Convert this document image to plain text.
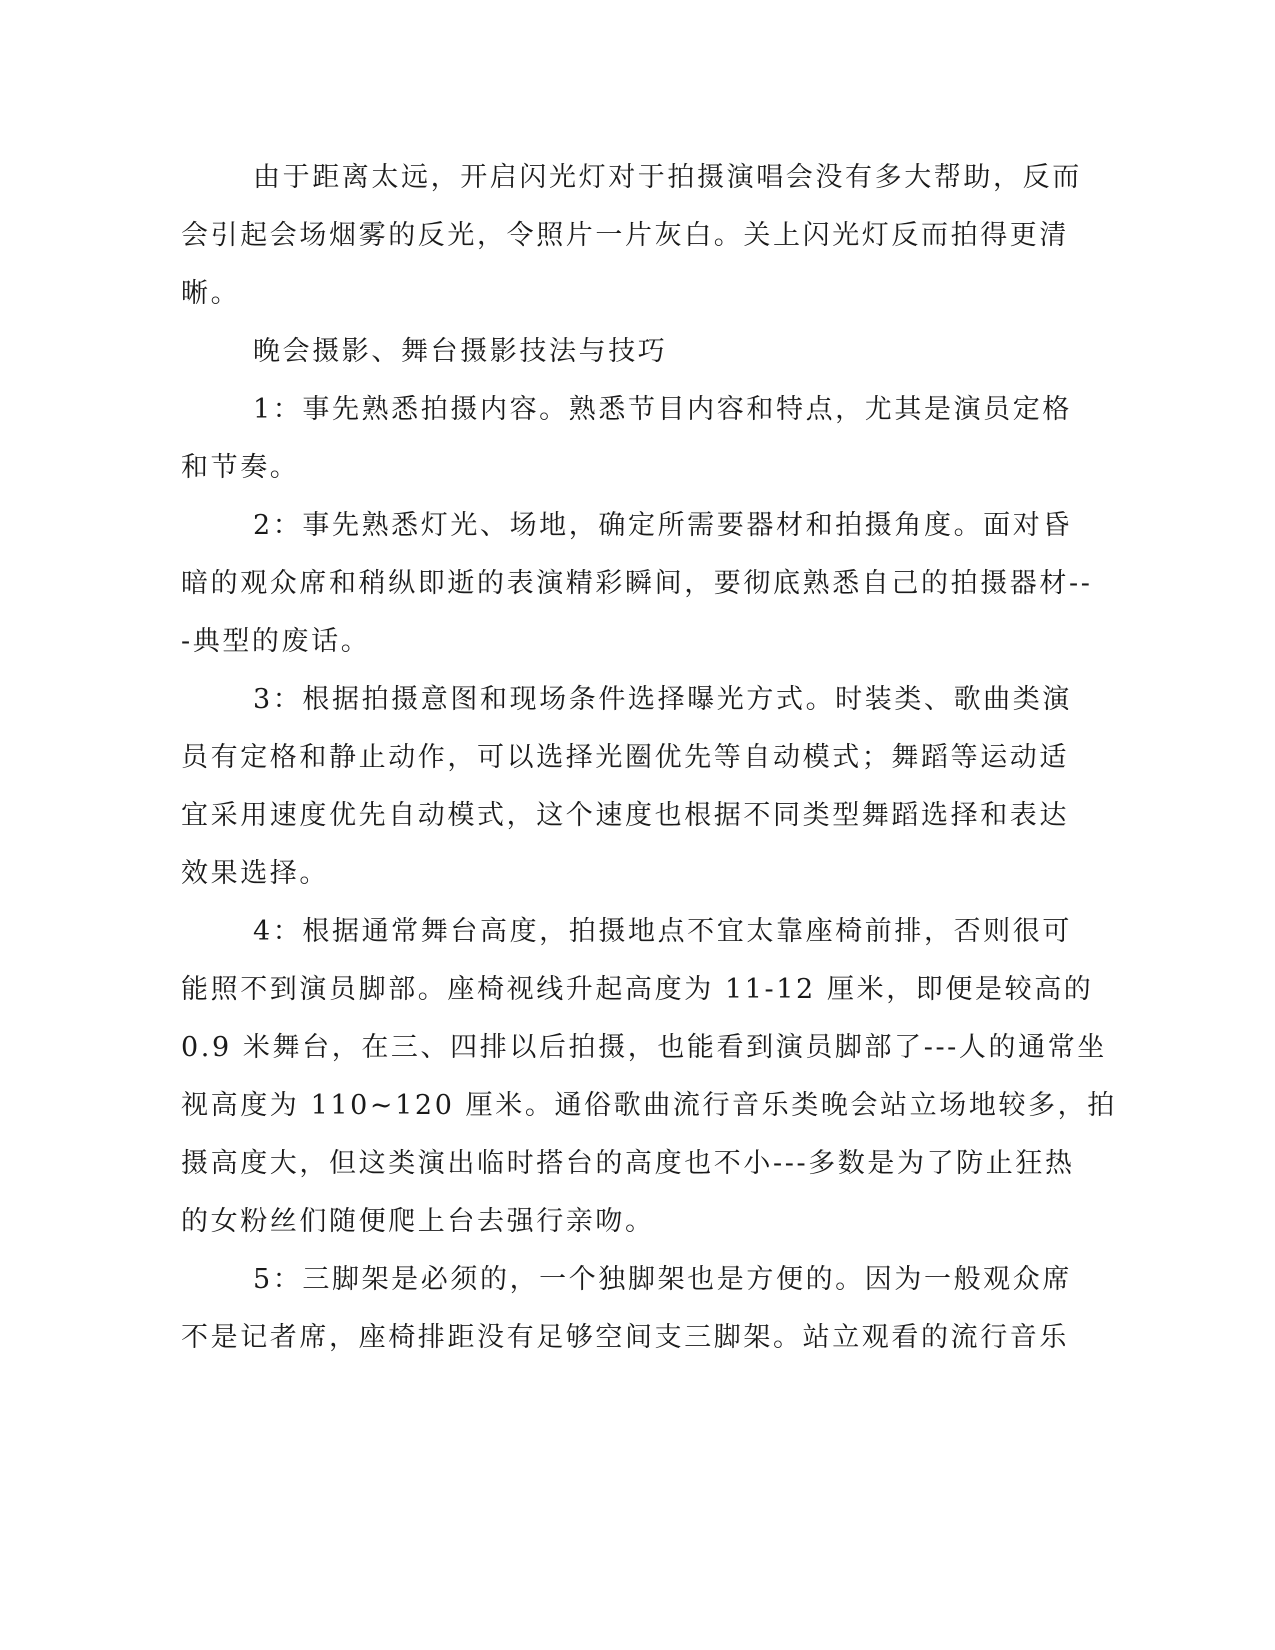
由于距离太远，开启闪光灯对于拍摄演唱会没有多大帮助，反而
会引起会场烟雾的反光，令照片一片灰白。关上闪光灯反而拍得更清
晰。
晚会摄影、舞台摄影技法与技巧
1：事先熟悉拍摄内容。熟悉节目内容和特点，尤其是演员定格
和节奏。
2：事先熟悉灯光、场地，确定所需要器材和拍摄角度。面对昏
暗的观众席和稍纵即逝的表演精彩瞬间，要彻底熟悉自己的拍摄器材--
-典型的废话。
3：根据拍摄意图和现场条件选择曝光方式。时装类、歌曲类演
员有定格和静止动作，可以选择光圈优先等自动模式；舞蹈等运动适
宜采用速度优先自动模式，这个速度也根据不同类型舞蹈选择和表达
效果选择。
4：根据通常舞台高度，拍摄地点不宜太靠座椅前排，否则很可
能照不到演员脚部。座椅视线升起高度为 11-12 厘米，即便是较高的
0.9 米舞台，在三、四排以后拍摄，也能看到演员脚部了---人的通常坐
视高度为 110~120 厘米。通俗歌曲流行音乐类晚会站立场地较多，拍
摄高度大，但这类演出临时搭台的高度也不小---多数是为了防止狂热
的女粉丝们随便爬上台去强行亲吻。
5：三脚架是必须的，一个独脚架也是方便的。因为一般观众席
不是记者席，座椅排距没有足够空间支三脚架。站立观看的流行音乐
